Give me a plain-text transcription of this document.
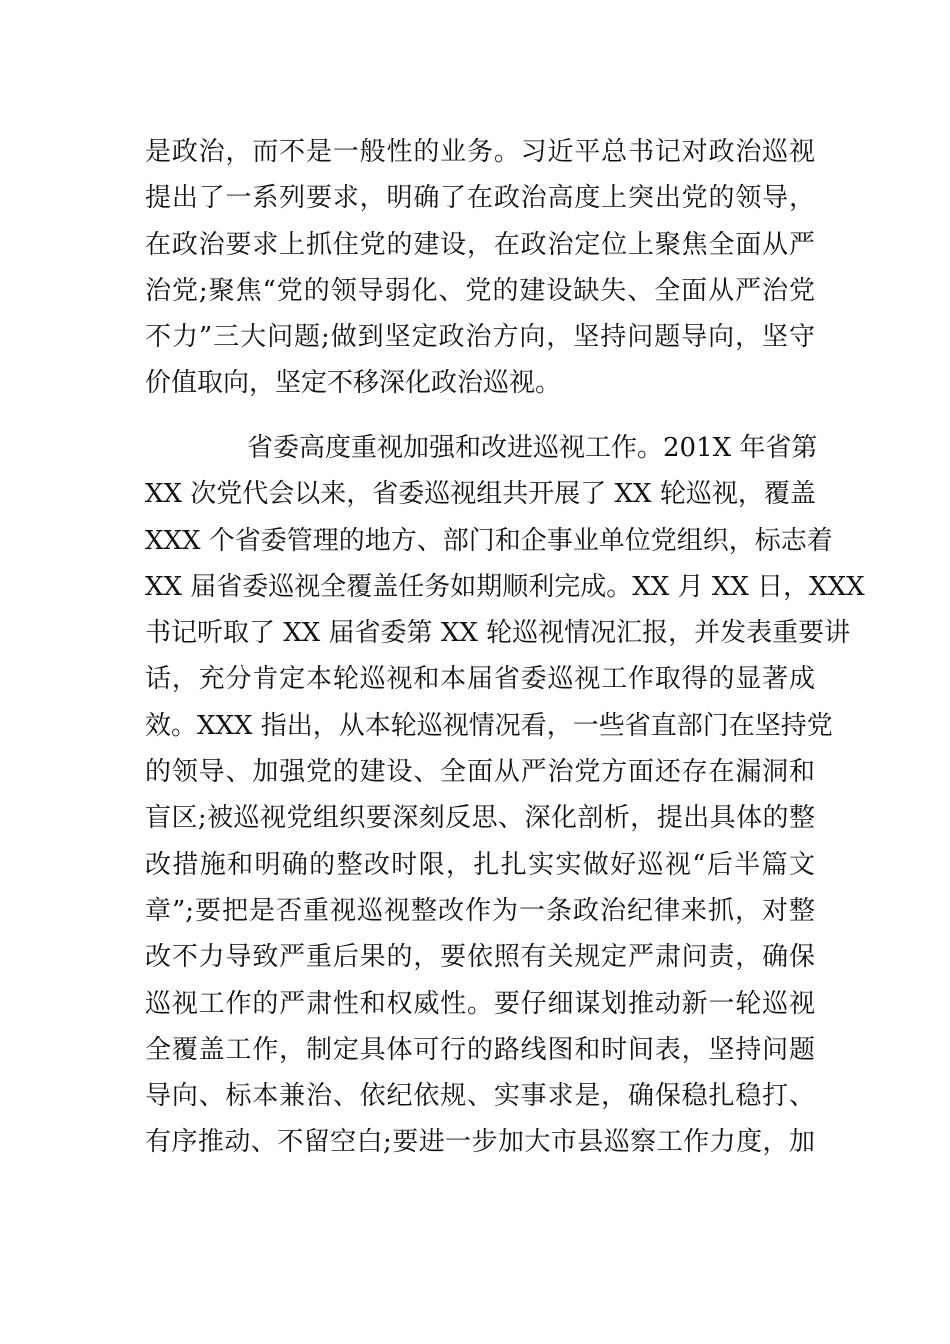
是政治，而不是一般性的业务。习近平总书记对政治巡视
提出了一系列要求，明确了在政治高度上突出党的领导，
在政治要求上抓住党的建设，在政治定位上聚焦全面从严
治党;聚焦“党的领导弱化、党的建设缺失、全面从严治党
不力”三大问题;做到坚定政治方向，坚持问题导向，坚守
价值取向，坚定不移深化政治巡视。
省委高度重视加强和改进巡视工作。201X 年省第
XX 次党代会以来，省委巡视组共开展了 XX 轮巡视，覆盖
XXX 个省委管理的地方、部门和企事业单位党组织，标志着
XX 届省委巡视全覆盖任务如期顺利完成。XX 月 XX 日，XXX
书记听取了 XX 届省委第 XX 轮巡视情况汇报，并发表重要讲
话，充分肯定本轮巡视和本届省委巡视工作取得的显著成
效。XXX 指出，从本轮巡视情况看，一些省直部门在坚持党
的领导、加强党的建设、全面从严治党方面还存在漏洞和
盲区;被巡视党组织要深刻反思、深化剖析，提出具体的整
改措施和明确的整改时限，扎扎实实做好巡视“后半篇文
章”;要把是否重视巡视整改作为一条政治纪律来抓，对整
改不力导致严重后果的，要依照有关规定严肃问责，确保
巡视工作的严肃性和权威性。要仔细谋划推动新一轮巡视
全覆盖工作，制定具体可行的路线图和时间表，坚持问题
导向、标本兼治、依纪依规、实事求是，确保稳扎稳打、
有序推动、不留空白;要进一步加大市县巡察工作力度，加
